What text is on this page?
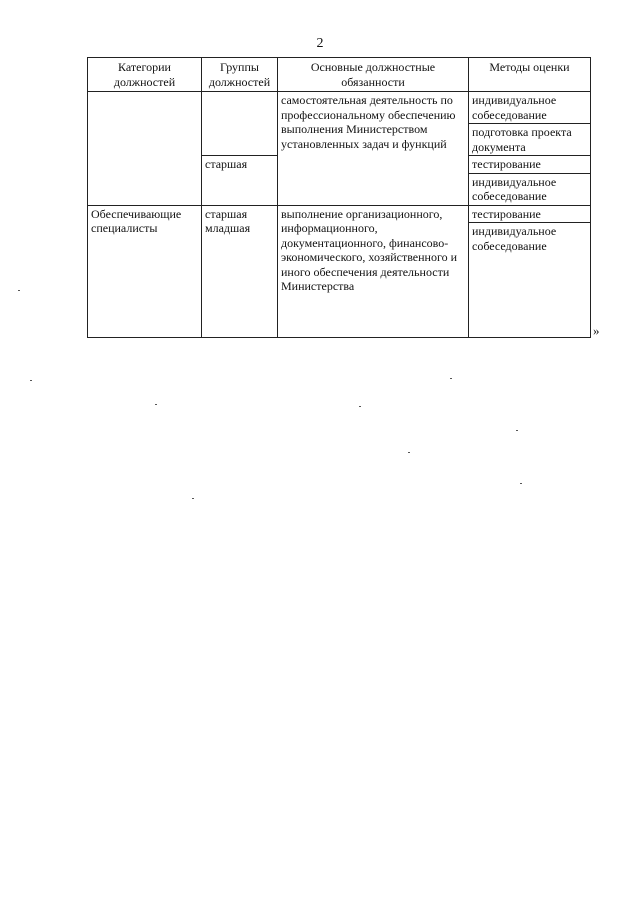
2
Категории должностей	Группы должностей	Основные должностные обязанности	Методы оценки
		самостоятельная деятельность по профессиональному обеспечению выполнения Министерством установленных задач и функций	индивидуальное собеседование
			подготовка проекта документа
	старшая		тестирование
			индивидуальное собеседование
Обеспечивающие специалисты	старшая младшая	выполнение организационного, информационного, документационного, финансово-экономического, хозяйственного и иного обеспечения деятельности Министерства	тестирование
			индивидуальное собеседование
»
